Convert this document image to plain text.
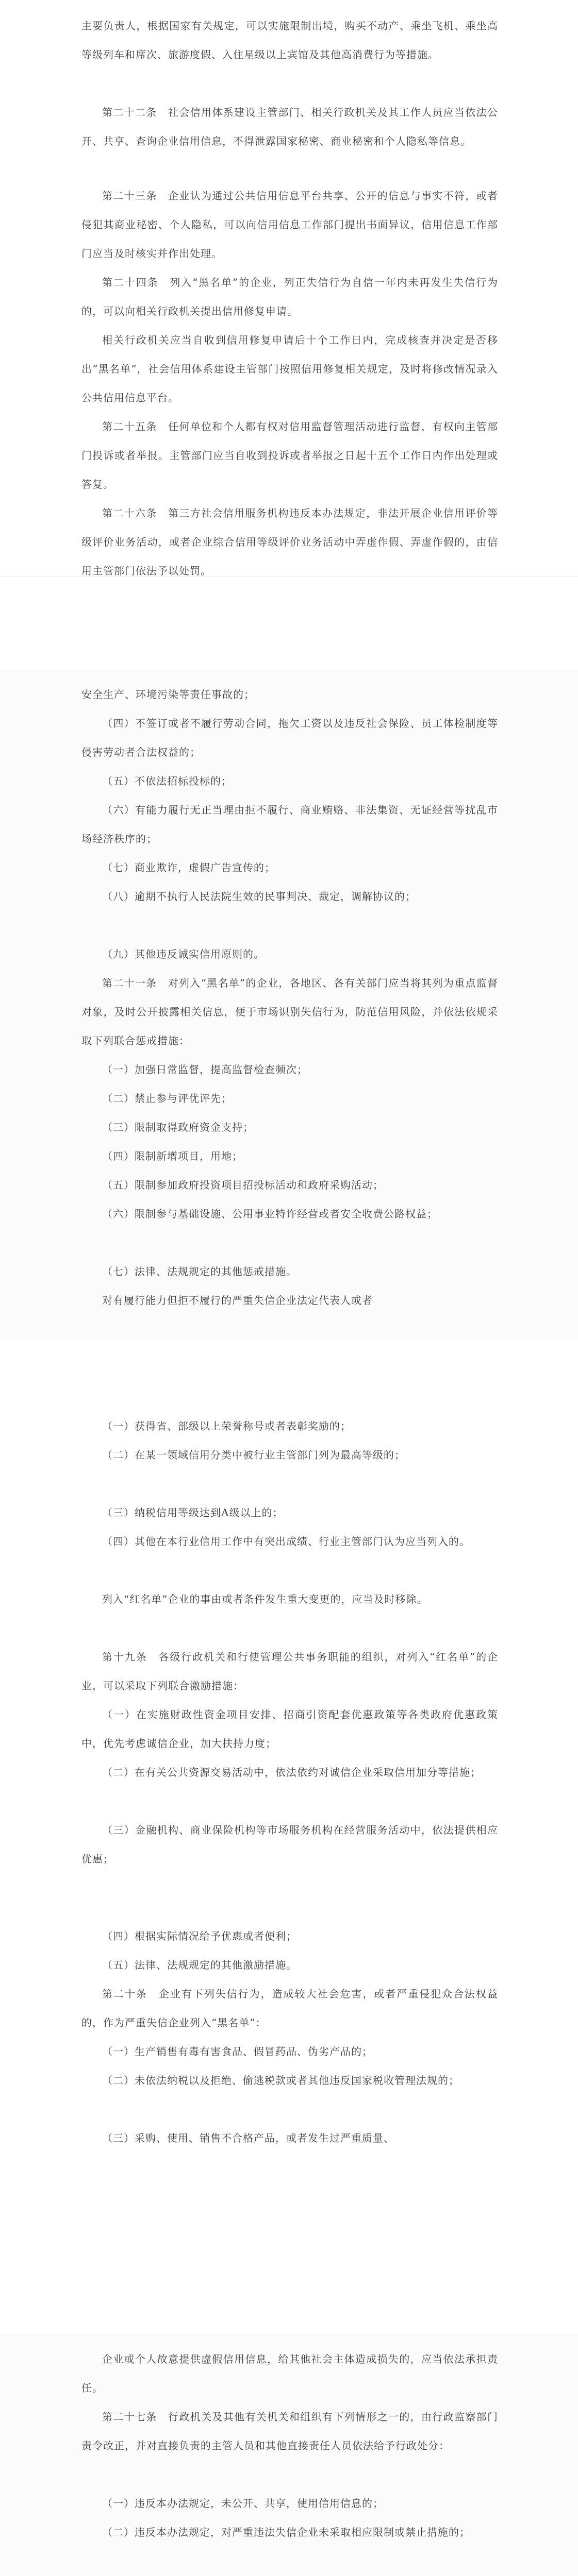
主要负责人，根据国家有关规定，可以实施限制出境，购买不动产、乘坐飞机、乘坐高等级列车和席次、旅游度假、入住星级以上宾馆及其他高消费行为等措施。

第二十二条　社会信用体系建设主管部门、相关行政机关及其工作人员应当依法公开、共享、查询企业信用信息，不得泄露国家秘密、商业秘密和个人隐私等信息。

第二十三条　企业认为通过公共信用信息平台共享、公开的信息与事实不符，或者侵犯其商业秘密、个人隐私，可以向信用信息工作部门提出书面异议，信用信息工作部门应当及时核实并作出处理。

第二十四条　列入“黑名单”的企业，列正失信行为自信一年内未再发生失信行为的，可以向相关行政机关提出信用修复申请。

相关行政机关应当自收到信用修复申请后十个工作日内，完成核查并决定是否移出“黑名单”，社会信用体系建设主管部门按照信用修复相关规定，及时将修改情况录入公共信用信息平台。

第二十五条　任何单位和个人都有权对信用监督管理活动进行监督，有权向主管部门投诉或者举报。主管部门应当自收到投诉或者举报之日起十五个工作日内作出处理或答复。

第二十六条　第三方社会信用服务机构违反本办法规定，非法开展企业信用评价等级评价业务活动，或者企业综合信用等级评价业务活动中弄虚作假、弄虚作假的，由信用主管部门依法予以处罚。

安全生产、环境污染等责任事故的；

（四）不签订或者不履行劳动合同，拖欠工资以及违反社会保险、员工体检制度等侵害劳动者合法权益的；

（五）不依法招标投标的；

（六）有能力履行无正当理由拒不履行、商业贿赂、非法集资、无证经营等扰乱市场经济秩序的；

（七）商业欺诈，虚假广告宣传的；

（八）逾期不执行人民法院生效的民事判决、裁定，调解协议的；

（九）其他违反诚实信用原则的。

第二十一条　对列入“黑名单”的企业，各地区、各有关部门应当将其列为重点监督对象，及时公开披露相关信息，便于市场识别失信行为，防范信用风险，并依法依规采取下列联合惩戒措施：

（一）加强日常监督，提高监督检查频次；

（二）禁止参与评优评先；

（三）限制取得政府资金支持；

（四）限制新增项目，用地；

（五）限制参加政府投资项目招投标活动和政府采购活动；

（六）限制参与基础设施、公用事业特许经营或者安全收费公路权益；

（七）法律、法规规定的其他惩戒措施。

对有履行能力但拒不履行的严重失信企业法定代表人或者

（一）获得省、部级以上荣誉称号或者表彰奖励的；

（二）在某一领域信用分类中被行业主管部门列为最高等级的；

（三）纳税信用等级达到A级以上的；

（四）其他在本行业信用工作中有突出成绩、行业主管部门认为应当列入的。

列入“红名单”企业的事由或者条件发生重大变更的，应当及时移除。

第十九条　各级行政机关和行使管理公共事务职能的组织，对列入“红名单”的企业，可以采取下列联合激励措施：

（一）在实施财政性资金项目安排、招商引资配套优惠政策等各类政府优惠政策中，优先考虑诚信企业，加大扶持力度；

（二）在有关公共资源交易活动中，依法依约对诚信企业采取信用加分等措施；

（三）金融机构、商业保险机构等市场服务机构在经营服务活动中，依法提供相应优惠；

（四）根据实际情况给予优惠或者便利；

（五）法律、法规规定的其他激励措施。

第二十条　企业有下列失信行为，造成较大社会危害，或者严重侵犯众合法权益的，作为严重失信企业列入“黑名单”：

（一）生产销售有毒有害食品、假冒药品、伪劣产品的；

（二）未依法纳税以及拒绝、偷逃税款或者其他违反国家税收管理法规的；

（三）采购、使用、销售不合格产品，或者发生过严重质量、

企业或个人故意提供虚假信用信息，给其他社会主体造成损失的，应当依法承担责任。

第二十七条　行政机关及其他有关机关和组织有下列情形之一的，由行政监察部门责令改正，并对直接负责的主管人员和其他直接责任人员依法给予行政处分：

（一）违反本办法规定，未公开、共享，使用信用信息的；

（二）违反本办法规定，对严重违法失信企业未采取相应限制或禁止措施的；
